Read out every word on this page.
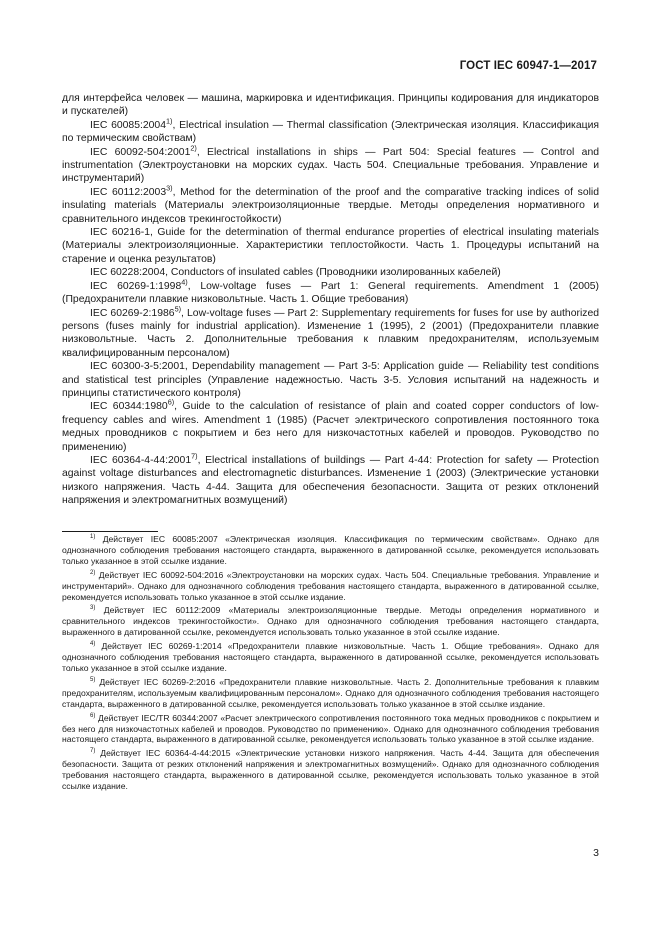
ГОСТ IEC 60947-1—2017

для интерфейса человек — машина, маркировка и идентификация. Принципы кодирования для индикаторов и пускателей)

IEC 60085:2004$^{1)}$, Electrical insulation — Thermal classification (Электрическая изоляция. Классификация по термическим свойствам)

IEC 60092-504:2001$^{2)}$, Electrical installations in ships — Part 504: Special features — Control and instrumentation (Электроустановки на морских судах. Часть 504. Специальные требования. Управление и инструментарий)

IEC 60112:2003$^{3)}$, Method for the determination of the proof and the comparative tracking indices of solid insulating materials (Материалы электроизоляционные твердые. Методы определения нормативного и сравнительного индексов трекингостойкости)

IEC 60216-1, Guide for the determination of thermal endurance properties of electrical insulating materials (Материалы электроизоляционные. Характеристики теплостойкости. Часть 1. Процедуры испытаний на старение и оценка результатов)

IEC 60228:2004, Conductors of insulated cables (Проводники изолированных кабелей)

IEC 60269-1:1998$^{4)}$, Low-voltage fuses — Part 1: General requirements. Amendment 1 (2005) (Предохранители плавкие низковольтные. Часть 1. Общие требования)

IEC 60269-2:1986$^{5)}$, Low-voltage fuses — Part 2: Supplementary requirements for fuses for use by authorized persons (fuses mainly for industrial application). Изменение 1 (1995), 2 (2001) (Предохранители плавкие низковольтные. Часть 2. Дополнительные требования к плавким предохранителям, используемым квалифицированным персоналом)

IEC 60300-3-5:2001, Dependability management — Part 3-5: Application guide — Reliability test conditions and statistical test principles (Управление надежностью. Часть 3-5. Условия испытаний на надежность и принципы статистического контроля)

IEC 60344:1980$^{6)}$, Guide to the calculation of resistance of plain and coated copper conductors of low-frequency cables and wires. Amendment 1 (1985) (Расчет электрического сопротивления постоянного тока медных проводников с покрытием и без него для низкочастотных кабелей и проводов. Руководство по применению)

IEC 60364-4-44:2001$^{7)}$, Electrical installations of buildings — Part 4-44: Protection for safety — Protection against voltage disturbances and electromagnetic disturbances. Изменение 1 (2003) (Электрические установки низкого напряжения. Часть 4-44. Защита для обеспечения безопасности. Защита от резких отклонений напряжения и электромагнитных возмущений)

$^{1)}$ Действует IEC 60085:2007 «Электрическая изоляция. Классификация по термическим свойствам». Однако для однозначного соблюдения требования настоящего стандарта, выраженного в датированной ссылке, рекомендуется использовать только указанное в этой ссылке издание.

$^{2)}$ Действует IEC 60092-504:2016 «Электроустановки на морских судах. Часть 504. Специальные требования. Управление и инструментарий». Однако для однозначного соблюдения требования настоящего стандарта, выраженного в датированной ссылке, рекомендуется использовать только указанное в этой ссылке издание.

$^{3)}$ Действует IEC 60112:2009 «Материалы электроизоляционные твердые. Методы определения нормативного и сравнительного индексов трекингостойкости». Однако для однозначного соблюдения требования настоящего стандарта, выраженного в датированной ссылке, рекомендуется использовать только указанное в этой ссылке издание.

$^{4)}$ Действует IEC 60269-1:2014 «Предохранители плавкие низковольтные. Часть 1. Общие требования». Однако для однозначного соблюдения требования настоящего стандарта, выраженного в датированной ссылке, рекомендуется использовать только указанное в этой ссылке издание.

$^{5)}$ Действует IEC 60269-2:2016 «Предохранители плавкие низковольтные. Часть 2. Дополнительные требования к плавким предохранителям, используемым квалифицированным персоналом». Однако для однозначного соблюдения требования настоящего стандарта, выраженного в датированной ссылке, рекомендуется использовать только указанное в этой ссылке издание.

$^{6)}$ Действует IEC/TR 60344:2007 «Расчет электрического сопротивления постоянного тока медных проводников с покрытием и без него для низкочастотных кабелей и проводов. Руководство по применению». Однако для однозначного соблюдения требования настоящего стандарта, выраженного в датированной ссылке, рекомендуется использовать только указанное в этой ссылке издание.

$^{7)}$ Действует IEC 60364-4-44:2015 «Электрические установки низкого напряжения. Часть 4-44. Защита для обеспечения безопасности. Защита от резких отклонений напряжения и электромагнитных возмущений». Однако для однозначного соблюдения требования настоящего стандарта, выраженного в датированной ссылке, рекомендуется использовать только указанное в этой ссылке издание.

3
